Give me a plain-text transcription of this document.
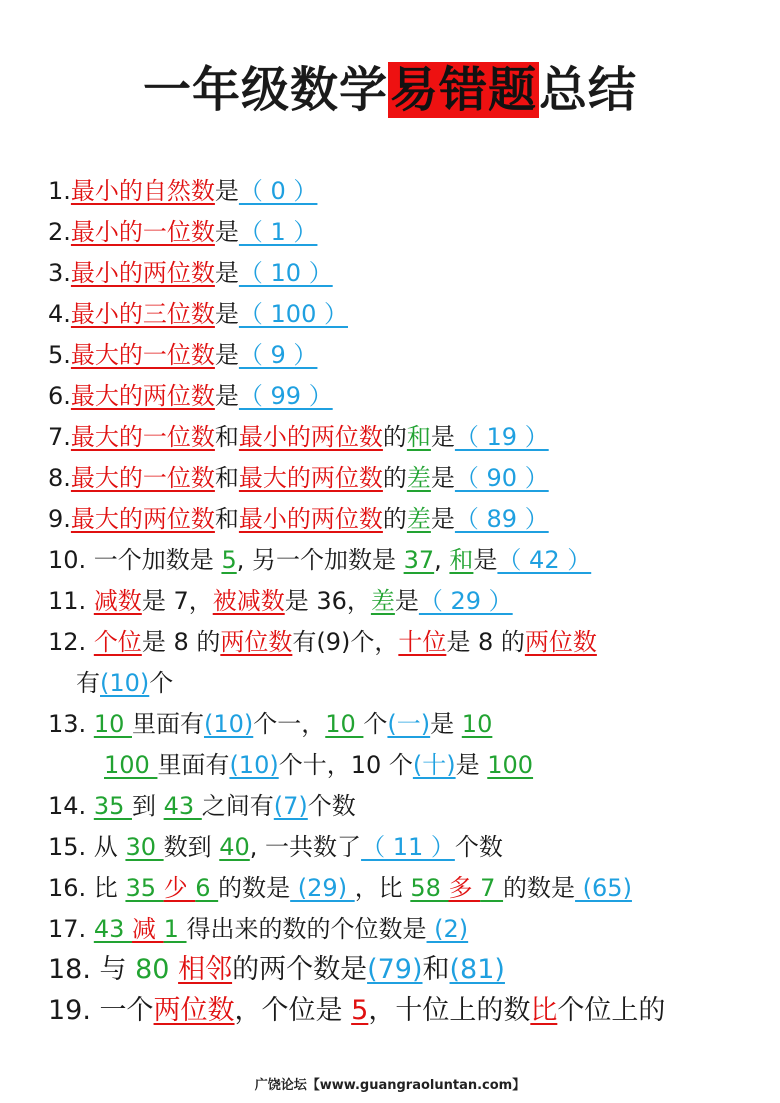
一年级数学易错题总结
1.最小的自然数是（ 0 ）
2.最小的一位数是（ 1 ）
3.最小的两位数是（ 10 ）
4.最小的三位数是（ 100 ）
5.最大的一位数是（ 9 ）
6.最大的两位数是（ 99 ）
7.最大的一位数和最小的两位数的和是（ 19 ）
8.最大的一位数和最大的两位数的差是（ 90 ）
9.最大的两位数和最小的两位数的差是（ 89 ）
10. 一个加数是 5, 另一个加数是 37, 和是（ 42 ）
11. 减数是 7，被减数是 36，差是（ 29 ）
12. 个位是 8 的两位数有(9)个，十位是 8 的两位数
有(10)个
13. 10 里面有(10)个一，10 个(一)是 10
100 里面有(10)个十，10 个(十)是 100
14. 35 到 43 之间有(7)个数
15. 从 30 数到 40, 一共数了（ 11 ）个数
16. 比 35 少 6 的数是 (29) ，比 58 多 7 的数是 (65)
17. 43 减 1 得出来的数的个位数是 (2)
18. 与 80 相邻的两个数是(79)和(81)
19. 一个两位数，个位是 5，十位上的数比个位上的
广饶论坛【www.guangraoluntan.com】
